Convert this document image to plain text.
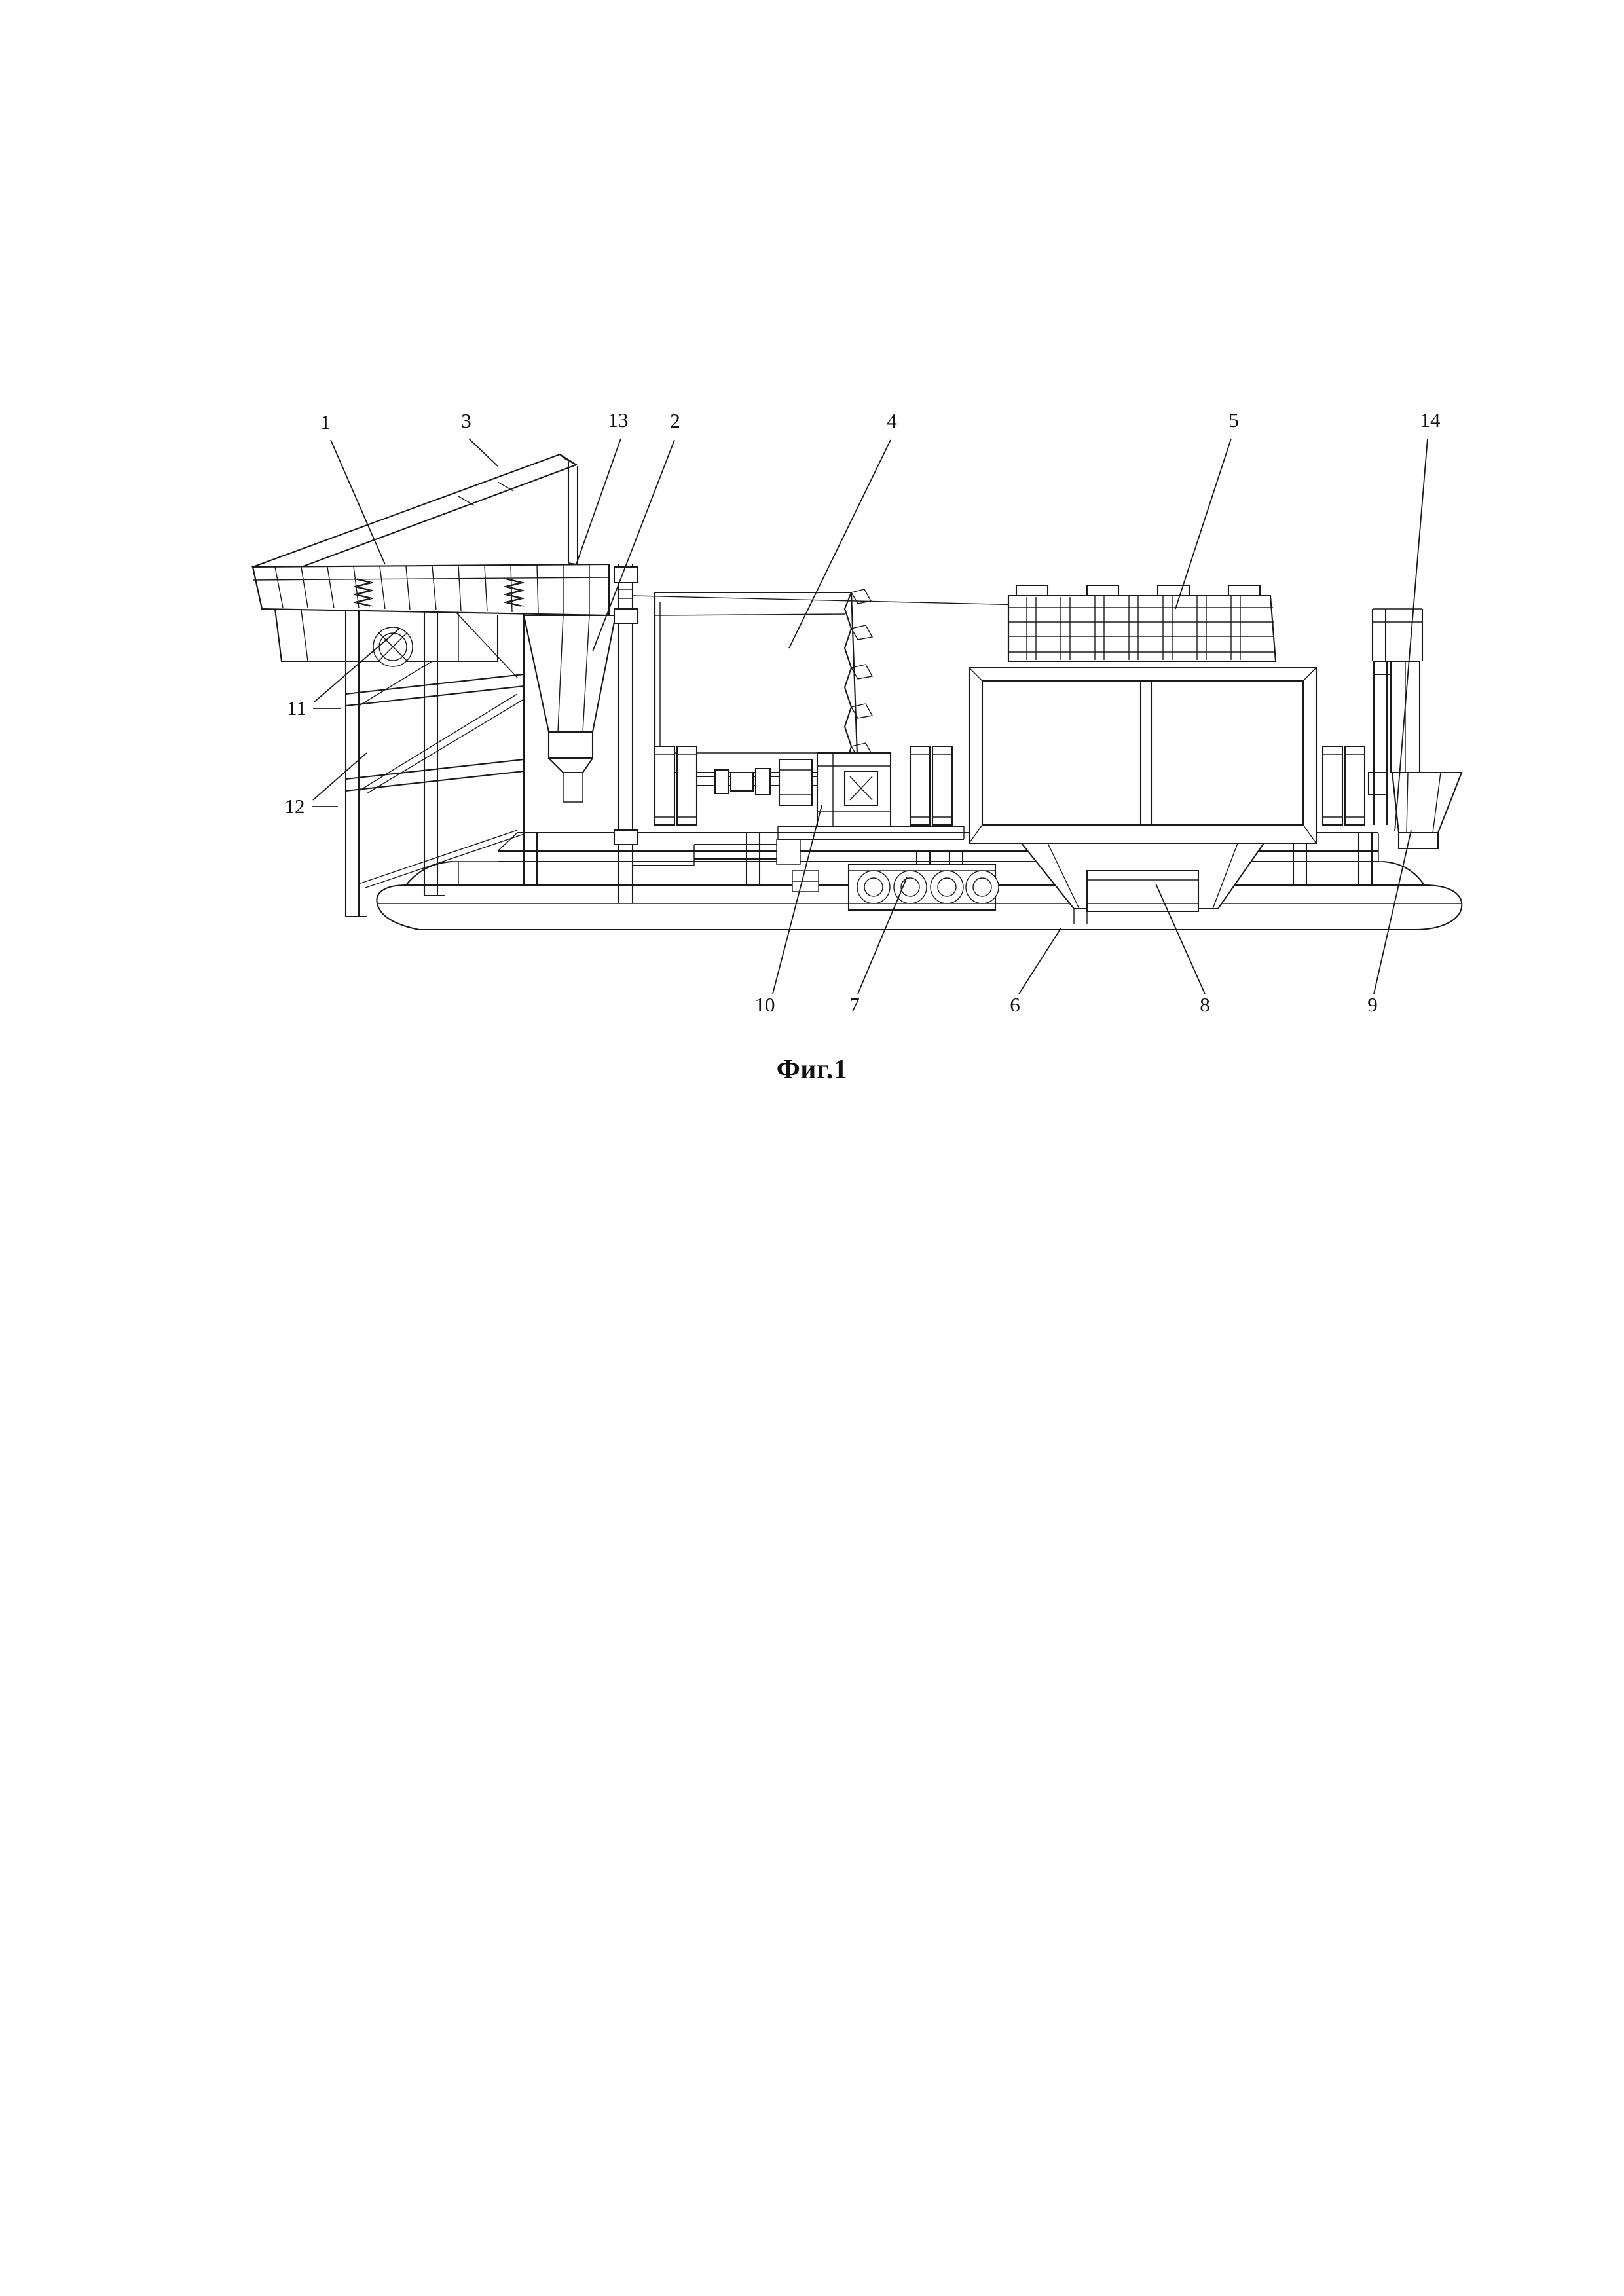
1	3	13 2	4	5	14
11
12
10	7	6	8	9
Фиг.1
